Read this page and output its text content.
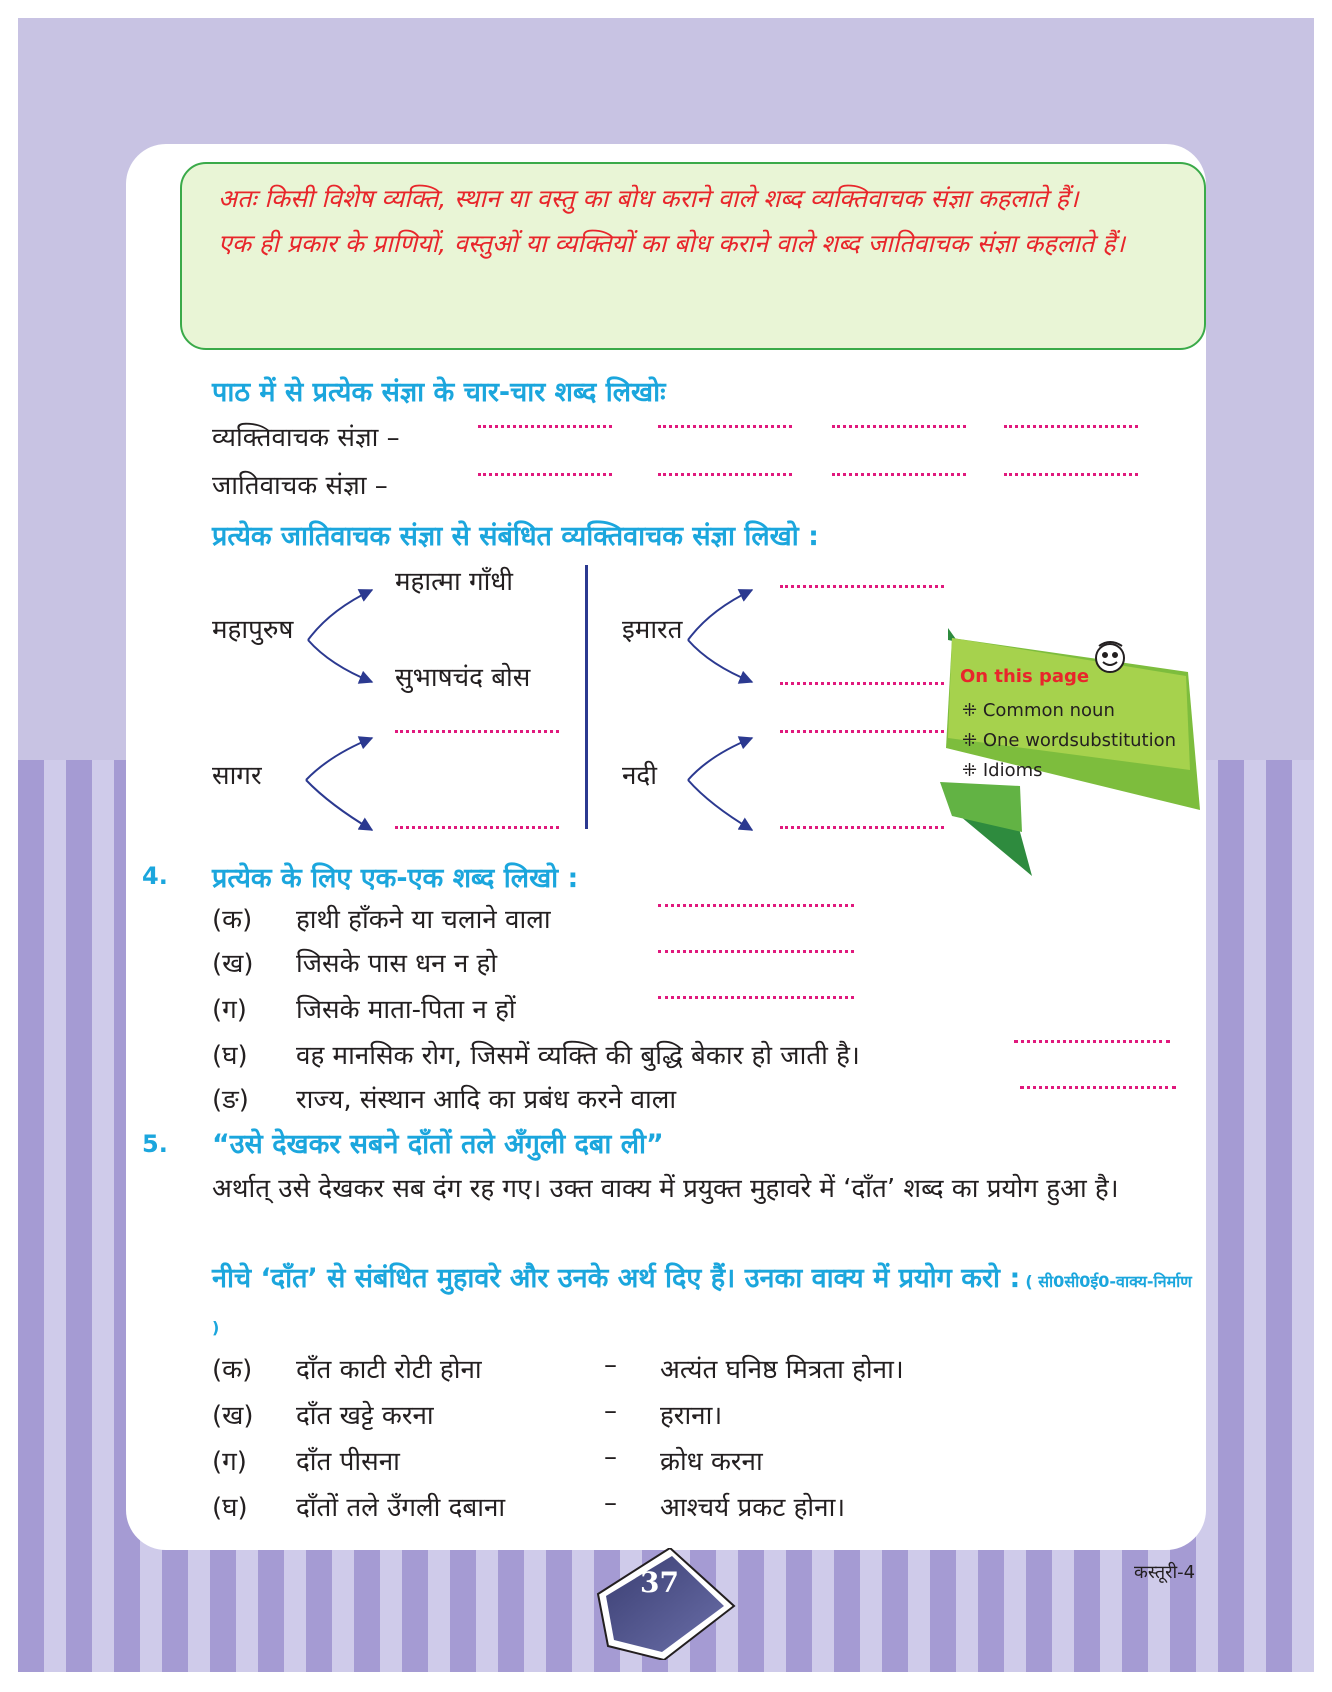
अतः किसी विशेष व्यक्ति, स्थान या वस्तु का बोध कराने वाले शब्द व्यक्तिवाचक संज्ञा कहलाते हैं।

एक ही प्रकार के प्राणियों, वस्तुओं या व्यक्तियों का बोध कराने वाले शब्द जातिवाचक संज्ञा कहलाते हैं।

पाठ में से प्रत्येक संज्ञा के चार-चार शब्द लिखोः
व्यक्तिवाचक संज्ञा –
जातिवाचक संज्ञा –
प्रत्येक जातिवाचक संज्ञा से संबंधित व्यक्तिवाचक संज्ञा लिखो :
महात्मा गाँधी
महापुरुष
सुभाषचंद बोस
सागर
इमारत
नदी
On this page
⁜ Common noun
⁜ One wordsubstitution
⁜ Idioms
4. प्रत्येक के लिए एक-एक शब्द लिखो :
(क) हाथी हाँकने या चलाने वाला
(ख) जिसके पास धन न हो
(ग) जिसके माता-पिता न हों
(घ) वह मानसिक रोग, जिसमें व्यक्ति की बुद्धि बेकार हो जाती है।
(ङ) राज्य, संस्थान आदि का प्रबंध करने वाला
5. “उसे देखकर सबने दाँतों तले अँगुली दबा ली”
अर्थात् उसे देखकर सब दंग रह गए। उक्त वाक्य में प्रयुक्त मुहावरे में ‘दाँत’ शब्द का प्रयोग हुआ है।
नीचे ‘दाँत’ से संबंधित मुहावरे और उनके अर्थ दिए हैं। उनका वाक्य में प्रयोग करो : ( सी0सी0ई0-वाक्य-निर्माण )
(क) दाँत काटी रोटी होना	– अत्यंत घनिष्ठ मित्रता होना।
(ख) दाँत खट्टे करना	– हराना।
(ग) दाँत पीसना	– क्रोध करना
(घ) दाँतों तले उँगली दबाना	– आश्चर्य प्रकट होना।
37	कस्तूरी-4
